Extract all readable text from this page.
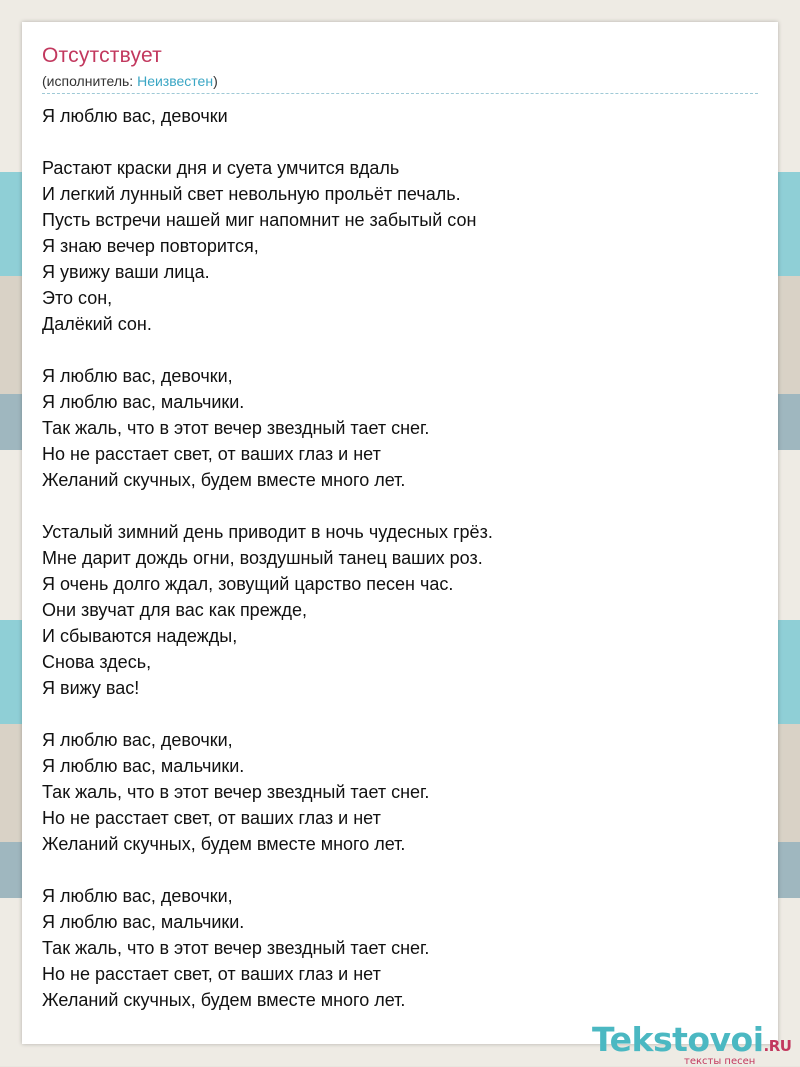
Отсутствует
(исполнитель: Неизвестен)
Я люблю вас, девочки
Растают краски дня и суета умчится вдаль
И легкий лунный свет невольную прольёт печаль.
Пусть встречи нашей миг напомнит не забытый сон
Я знаю вечер повторится,
Я увижу ваши лица.
Это сон,
Далёкий сон.
Я люблю вас, девочки,
Я люблю вас, мальчики.
Так жаль, что в этот вечер звездный тает снег.
Но не расстает свет, от ваших глаз и нет
Желаний скучных, будем вместе много лет.
Усталый зимний день приводит в ночь чудесных грёз.
Мне дарит дождь огни, воздушный танец ваших роз.
Я очень долго ждал, зовущий царство песен час.
Они звучат для вас как прежде,
И сбываются надежды,
Снова здесь,
Я вижу вас!
Я люблю вас, девочки,
Я люблю вас, мальчики.
Так жаль, что в этот вечер звездный тает снег.
Но не расстает свет, от ваших глаз и нет
Желаний скучных, будем вместе много лет.
Я люблю вас, девочки,
Я люблю вас, мальчики.
Так жаль, что в этот вечер звездный тает снег.
Но не расстает свет, от ваших глаз и нет
Желаний скучных, будем вместе много лет.
Tekstovoi.RU
тексты песен
